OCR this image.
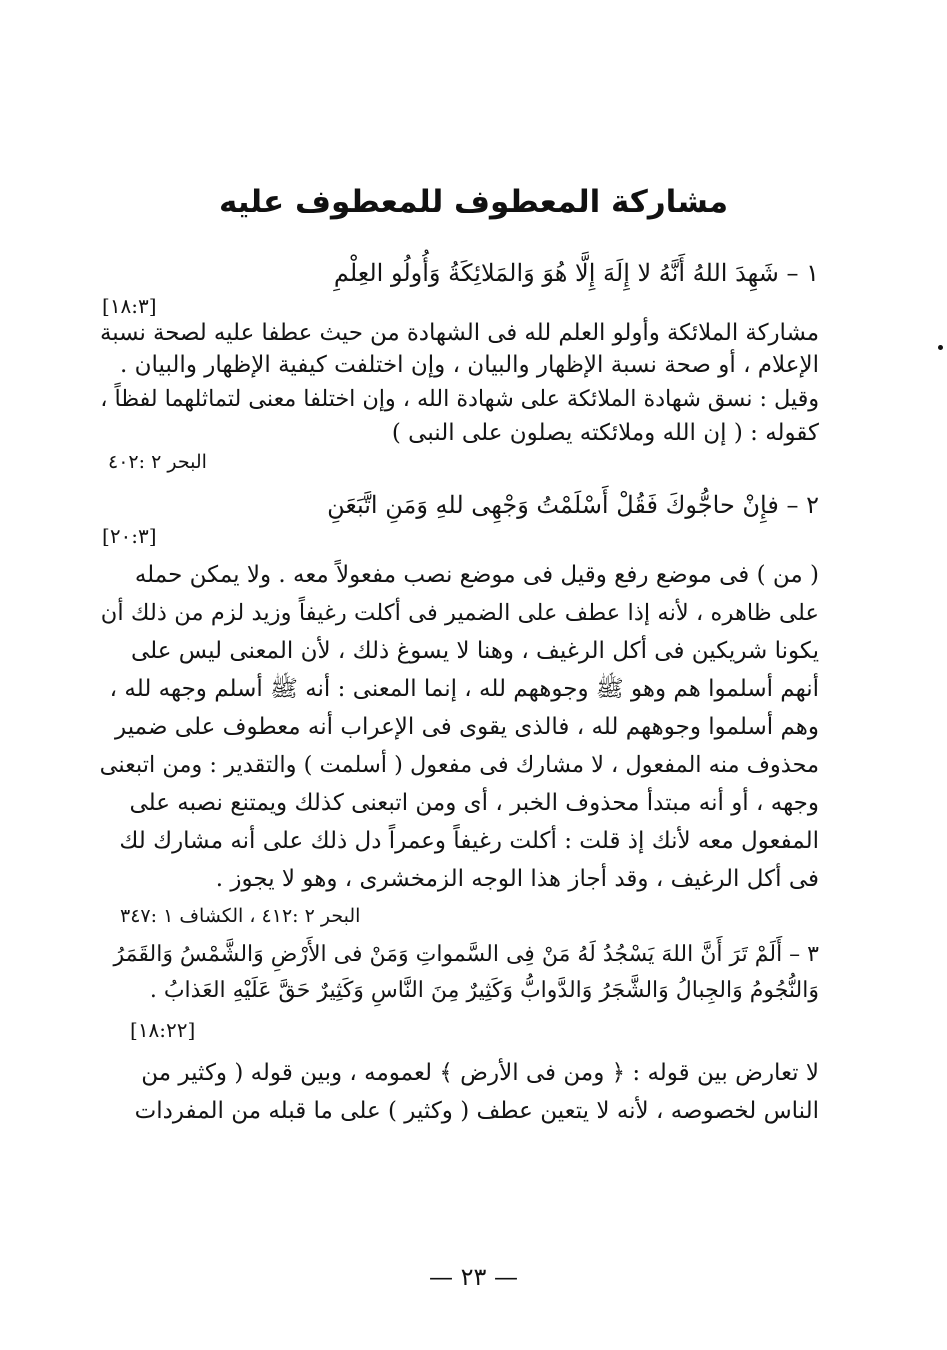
مشاركة المعطوف للمعطوف عليه
١ – شَهِدَ اللهُ أَنَّهُ لا إِلَهَ إِلَّا هُوَ وَالمَلائِكَةُ وَأُولُو العِلْمِ
[١٨:٣]
مشاركة الملائكة وأولو العلم لله فى الشهادة من حيث عطفا عليه لصحة نسبة
الإعلام ، أو صحة نسبة الإظهار والبيان ، وإن اختلفت كيفية الإظهار والبيان .
وقيل : نسق شهادة الملائكة على شهادة الله ، وإن اختلفا معنى لتماثلهما لفظاً ،
كقوله : ( إن الله وملائكته يصلون على النبى )
البحر ٢ :٤٠٢
٢ – فإِنْ حاجُّوكَ فَقُلْ أَسْلَمْتُ وَجْهِى للهِ وَمَنِ اتَّبَعَنِ
[٢٠:٣]
( من ) فى موضع رفع وقيل فى موضع نصب مفعولاً معه . ولا يمكن حمله
على ظاهره ، لأنه إذا عطف على الضمير فى أكلت رغيفاً وزيد لزم من ذلك أن
يكونا شريكين فى أكل الرغيف ، وهنا لا يسوغ ذلك ، لأن المعنى ليس على
أنهم أسلموا هم وهو ﷺ وجوههم لله ، إنما المعنى : أنه ﷺ أسلم وجهه لله ،
وهم أسلموا وجوههم لله ، فالذى يقوى فى الإعراب أنه معطوف على ضمير
محذوف منه المفعول ، لا مشارك فى مفعول ( أسلمت ) والتقدير : ومن اتبعنى
وجهه ، أو أنه مبتدأ محذوف الخبر ، أى ومن اتبعنى كذلك ويمتنع نصبه على
المفعول معه لأنك إذ قلت : أكلت رغيفاً وعمراً دل ذلك على أنه مشارك لك
فى أكل الرغيف ، وقد أجاز هذا الوجه الزمخشرى ، وهو لا يجوز .
البحر ٢ :٤١٢ ، الكشاف ١ :٣٤٧
٣ – أَلَمْ تَرَ أَنَّ اللهَ يَسْجُدُ لَهُ مَنْ فِى السَّمواتِ وَمَنْ فى الأَرْضِ وَالشَّمْسُ وَالقَمَرُ
وَالنُّجُومُ وَالجِبالُ وَالشَّجَرُ وَالدَّوابُّ وَكَثِيرٌ مِنَ النَّاسِ وَكَثِيرٌ حَقَّ عَلَيْهِ العَذابُ .
[١٨:٢٢]
لا تعارض بين قوله : ﴿ ومن فى الأرض ﴾ لعمومه ، وبين قوله ( وكثير من
الناس لخصوصه ، لأنه لا يتعين عطف ( وكثير ) على ما قبله من المفردات
— ٢٣ —
